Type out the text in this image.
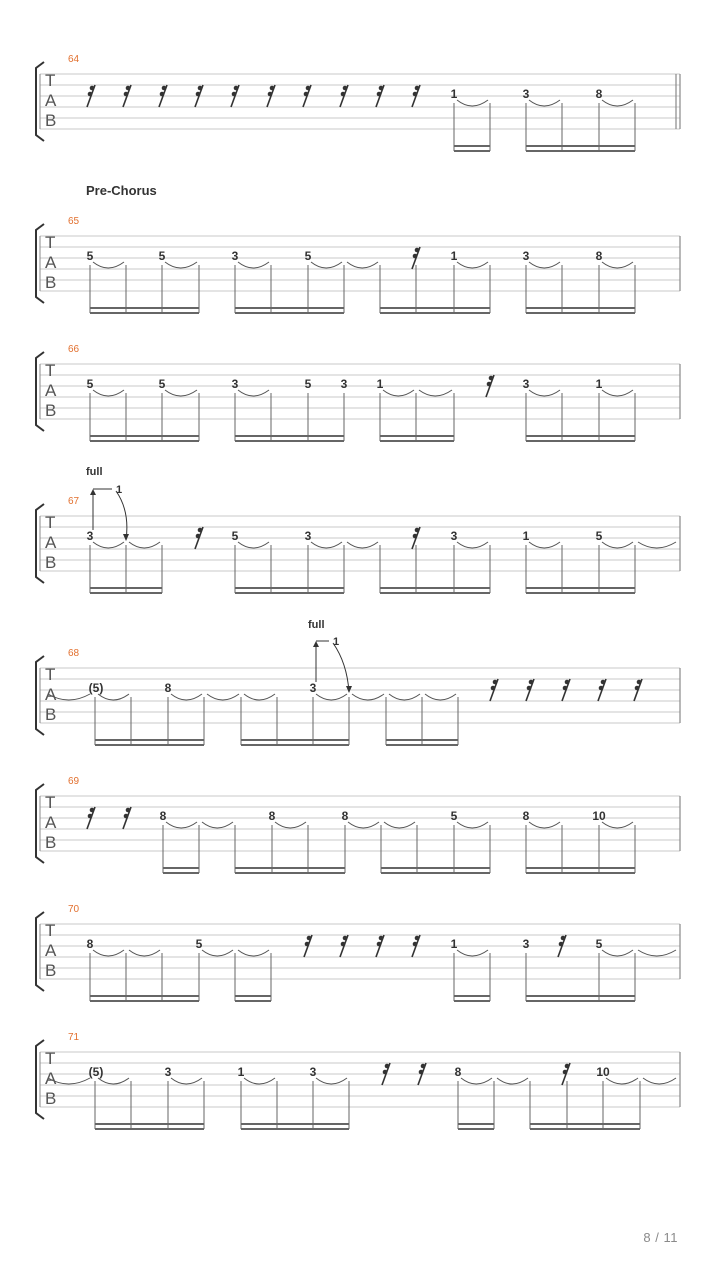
64
T
A
B
1	3	8
65
T
A
B
5	5	3	5	1	3	8
66
T
A
B
5	5	3	5 3 1	3	1
67
T
A
B
3	5	3	3	1	5
full
1
68
T
A
B
(5)	8	3
full
1
69
T
A
B
8	8	8	5	8	10
70
T
A
B
8	5	1	3	5
71
T
A
B
(5)	3	1	3	8	10
Pre-Chorus
8 / 11
